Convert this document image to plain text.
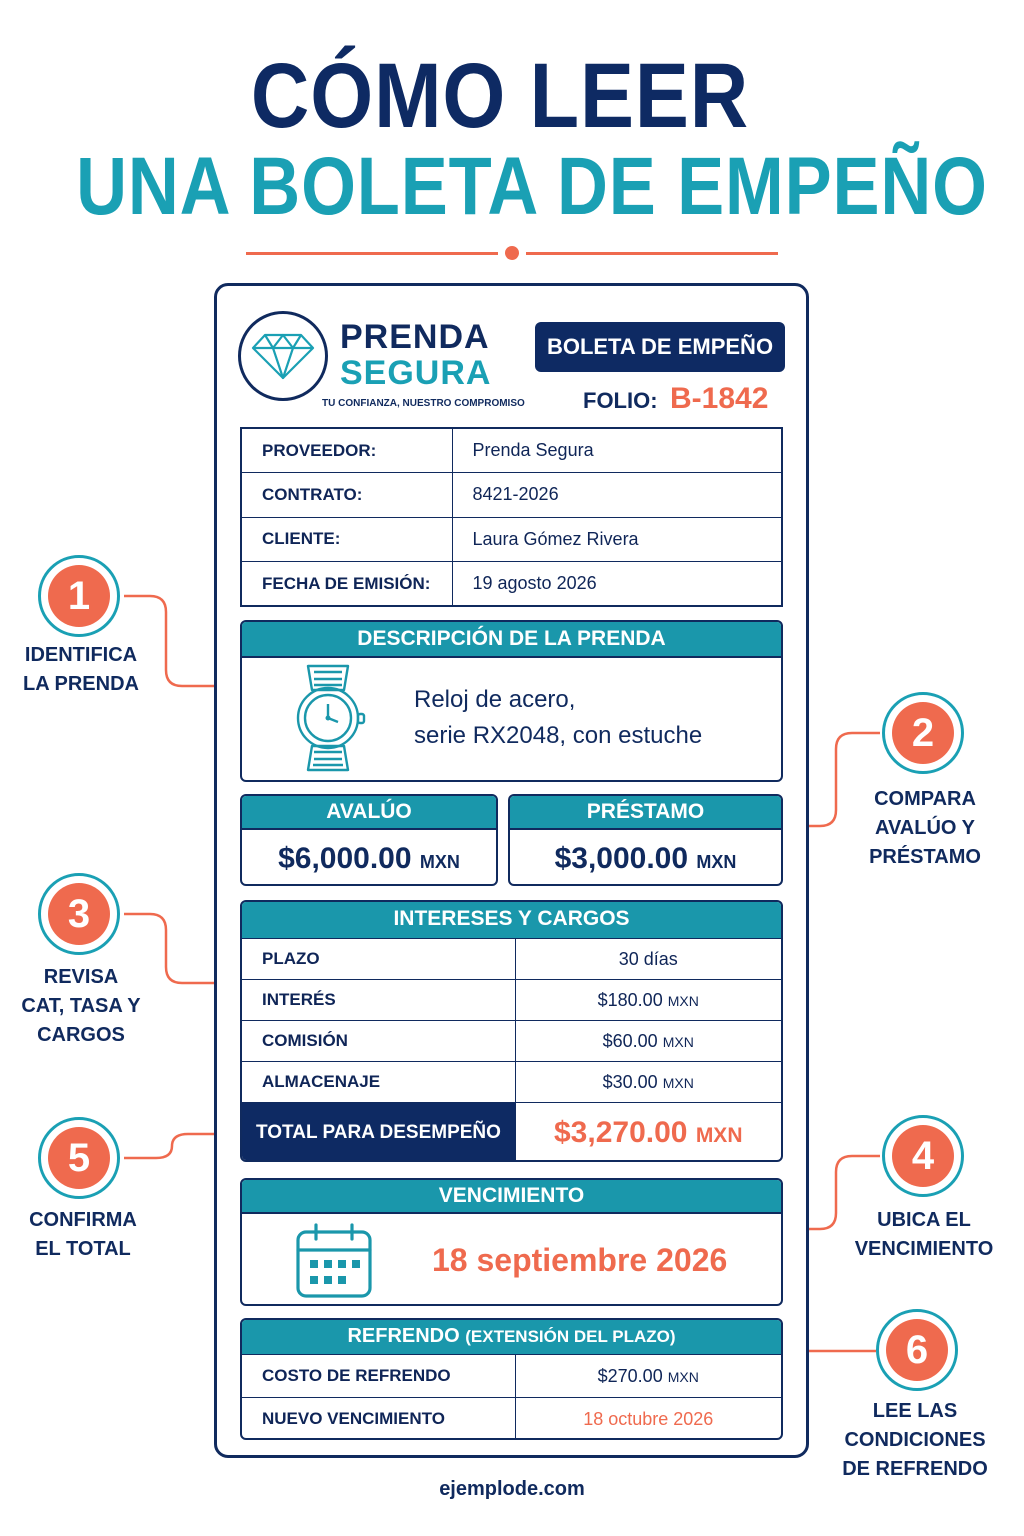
CÓMO LEER
UNA BOLETA DE EMPEÑO
PRENDA
SEGURA
TU CONFIANZA, NUESTRO COMPROMISO
BOLETA DE EMPEÑO
FOLIO: B-1842
PROVEEDOR:	Prenda Segura
CONTRATO:	8421-2026
CLIENTE:	Laura Gómez Rivera
FECHA DE EMISIÓN:	19 agosto 2026
DESCRIPCIÓN DE LA PRENDA
Reloj de acero,
serie RX2048, con estuche
AVALÚO
$6,000.00 MXN
PRÉSTAMO
$3,000.00 MXN
INTERESES Y CARGOS
PLAZO	30 días
INTERÉS	$180.00 MXN
COMISIÓN	$60.00 MXN
ALMACENAJE	$30.00 MXN
TOTAL PARA DESEMPEÑO	$3,270.00 MXN
VENCIMIENTO
18 septiembre 2026
REFRENDO (EXTENSIÓN DEL PLAZO)
COSTO DE REFRENDO	$270.00 MXN
NUEVO VENCIMIENTO	18 octubre 2026
1
IDENTIFICA
LA PRENDA
2
COMPARA
AVALÚO Y
PRÉSTAMO
3
REVISA
CAT, TASA Y
CARGOS
4
UBICA EL
VENCIMIENTO
5
CONFIRMA
EL TOTAL
6
LEE LAS
CONDICIONES
DE REFRENDO
ejemplode.com
